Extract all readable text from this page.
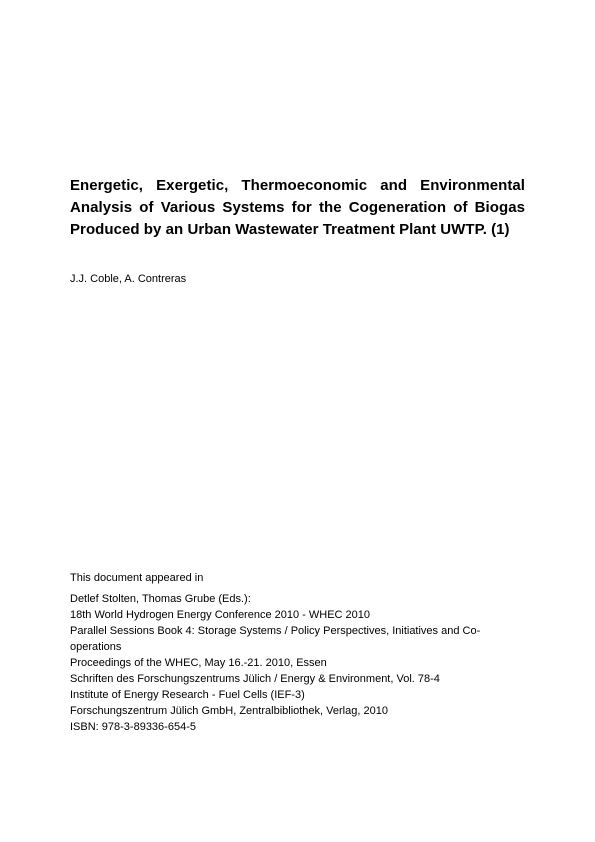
Energetic, Exergetic, Thermoeconomic and Environmental Analysis of Various Systems for the Cogeneration of Biogas Produced by an Urban Wastewater Treatment Plant UWTP. (1)

J.J. Coble, A. Contreras

This document appeared in

Detlef Stolten, Thomas Grube (Eds.):
18th World Hydrogen Energy Conference 2010 - WHEC 2010
Parallel Sessions Book 4: Storage Systems / Policy Perspectives, Initiatives and Co-operations
Proceedings of the WHEC, May 16.-21. 2010, Essen
Schriften des Forschungszentrums Jülich / Energy & Environment, Vol. 78-4
Institute of Energy Research - Fuel Cells (IEF-3)
Forschungszentrum Jülich GmbH, Zentralbibliothek, Verlag, 2010
ISBN: 978-3-89336-654-5
